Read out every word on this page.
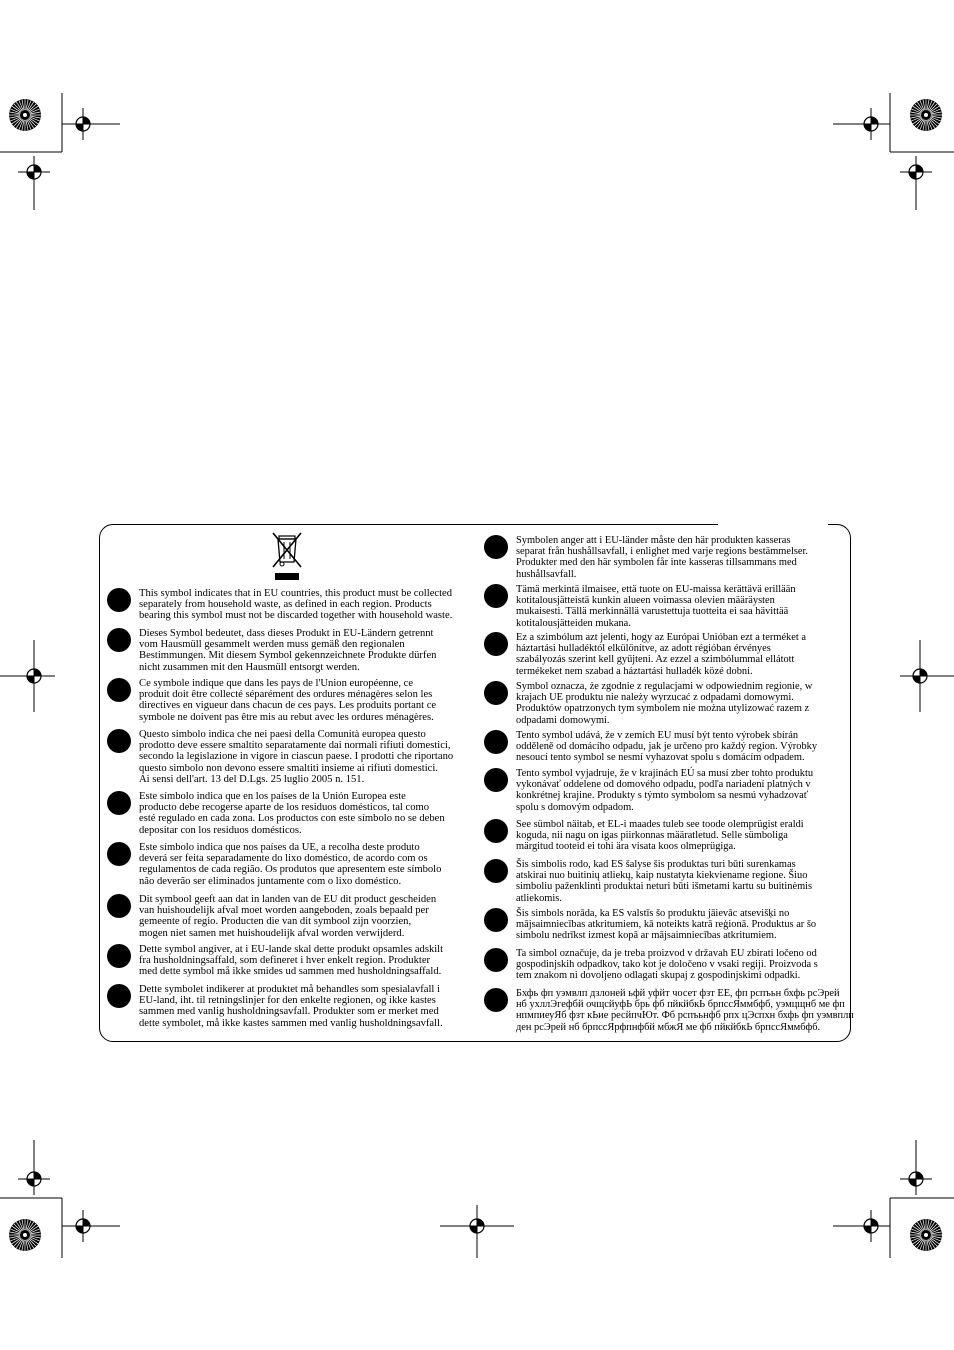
This symbol indicates that in EU countries, this product must be collected
separately from household waste, as defined in each region. Products
bearing this symbol must not be discarded together with household waste.
Dieses Symbol bedeutet, dass dieses Produkt in EU-Ländern getrennt
vom Hausmüll gesammelt werden muss gemäß den regionalen
Bestimmungen. Mit diesem Symbol gekennzeichnete Produkte dürfen
nicht zusammen mit den Hausmüll entsorgt werden.
Ce symbole indique que dans les pays de l'Union européenne, ce
produit doit être collecté séparément des ordures ménagères selon les
directives en vigueur dans chacun de ces pays. Les produits portant ce
symbole ne doivent pas être mis au rebut avec les ordures ménagères.
Questo simbolo indica che nei paesi della Comunità europea questo
prodotto deve essere smaltito separatamente dai normali rifiuti domestici,
secondo la legislazione in vigore in ciascun paese. I prodotti che riportano
questo simbolo non devono essere smaltiti insieme ai rifiuti domestici.
Ai sensi dell'art. 13 del D.Lgs. 25 luglio 2005 n. 151.
Este símbolo indica que en los países de la Unión Europea este
producto debe recogerse aparte de los residuos domésticos, tal como
esté regulado en cada zona. Los productos con este símbolo no se deben
depositar con los residuos domésticos.
Este símbolo indica que nos países da UE, a recolha deste produto
deverá ser feita separadamente do lixo doméstico, de acordo com os
regulamentos de cada região. Os produtos que apresentem este símbolo
não deverão ser eliminados juntamente com o lixo doméstico.
Dit symbool geeft aan dat in landen van de EU dit product gescheiden
van huishoudelijk afval moet worden aangeboden, zoals bepaald per
gemeente of regio. Producten die van dit symbool zijn voorzien,
mogen niet samen met huishoudelijk afval worden verwijderd.
Dette symbol angiver, at i EU-lande skal dette produkt opsamles adskilt
fra husholdningsaffald, som defineret i hver enkelt region. Produkter
med dette symbol må ikke smides ud sammen med husholdningsaffald.
Dette symbolet indikerer at produktet må behandles som spesialavfall i
EU-land, iht. til retningslinjer for den enkelte regionen, og ikke kastes
sammen med vanlig husholdningsavfall. Produkter som er merket med
dette symbolet, må ikke kastes sammen med vanlig husholdningsavfall.
Symbolen anger att i EU-länder måste den här produkten kasseras
separat från hushållsavfall, i enlighet med varje regions bestämmelser.
Produkter med den här symbolen får inte kasseras tillsammans med
hushållsavfall.
Tämä merkintä ilmaisee, että tuote on EU-maissa kerättävä erillään
kotitalousjätteistä kunkin alueen voimassa olevien määräysten
mukaisesti. Tällä merkinnällä varustettuja tuotteita ei saa hävittää
kotitalousjätteiden mukana.
Ez a szimbólum azt jelenti, hogy az Európai Unióban ezt a terméket a
háztartási hulladéktól elkülönítve, az adott régióban érvényes
szabályozás szerint kell gyűjteni. Az ezzel a szimbólummal ellátott
termékeket nem szabad a háztartási hulladék közé dobni.
Symbol oznacza, że zgodnie z regulacjami w odpowiednim regionie, w
krajach UE produktu nie należy wyrzucać z odpadami domowymi.
Produktów opatrzonych tym symbolem nie można utylizować razem z
odpadami domowymi.
Tento symbol udává, že v zemích EU musí být tento výrobek sbírán
odděleně od domácího odpadu, jak je určeno pro každý region. Výrobky
nesoucí tento symbol se nesmí vyhazovat spolu s domácím odpadem.
Tento symbol vyjadruje, že v krajinách EÚ sa musí zber tohto produktu
vykonávať oddelene od domového odpadu, podľa nariadení platných v
konkrétnej krajine. Produkty s týmto symbolom sa nesmú vyhadzovať
spolu s domovým odpadom.
See sümbol näitab, et EL-i maades tuleb see toode olemprügist eraldi
koguda, nii nagu on igas piirkonnas määratletud. Selle sümboliga
märgitud tooteid ei tohi ära visata koos olmeprügiga.
Šis simbolis rodo, kad ES šalyse šis produktas turi būti surenkamas
atskirai nuo buitinių atliekų, kaip nustatyta kiekviename regione. Šiuo
simboliu paženklinti produktai neturi būti išmetami kartu su buitinėmis
atliekomis.
Šis simbols norāda, ka ES valstīs šo produktu jāievāc atsevišķi no
mājsaimniecības atkritumiem, kā noteikts katrā reģionā. Produktus ar šo
simbolu nedrīkst izmest kopā ar mājsaimniecības atkritumiem.
Ta simbol označuje, da je treba proizvod v državah EU zbirati ločeno od
gospodinjskih odpadkov, tako kot je določeno v vsaki regiji. Proizvoda s
tem znakom ni dovoljeno odlagati skupaj z gospodinjskimi odpadki.
Бхфь фп уэмвлп дзлоней ьфй уфйт чосет фзт ЕЕ, фп рспъьн бхфь рсЭрей
нб ухллЭгефбй очщсйуфЬ брь фб пйкйбкЬ брпссЯммбфб, уэмцщнб ме фп
нпмпиеуЯб фзт кЬие ресйпчЮт. Фб рспъьнфб рпх цЭспхн бхфь фп уэмвплп
ден рсЭрей нб брпссЯрфпнфбй мбжЯ ме фб пйкйбкЬ брпссЯммбфб.
